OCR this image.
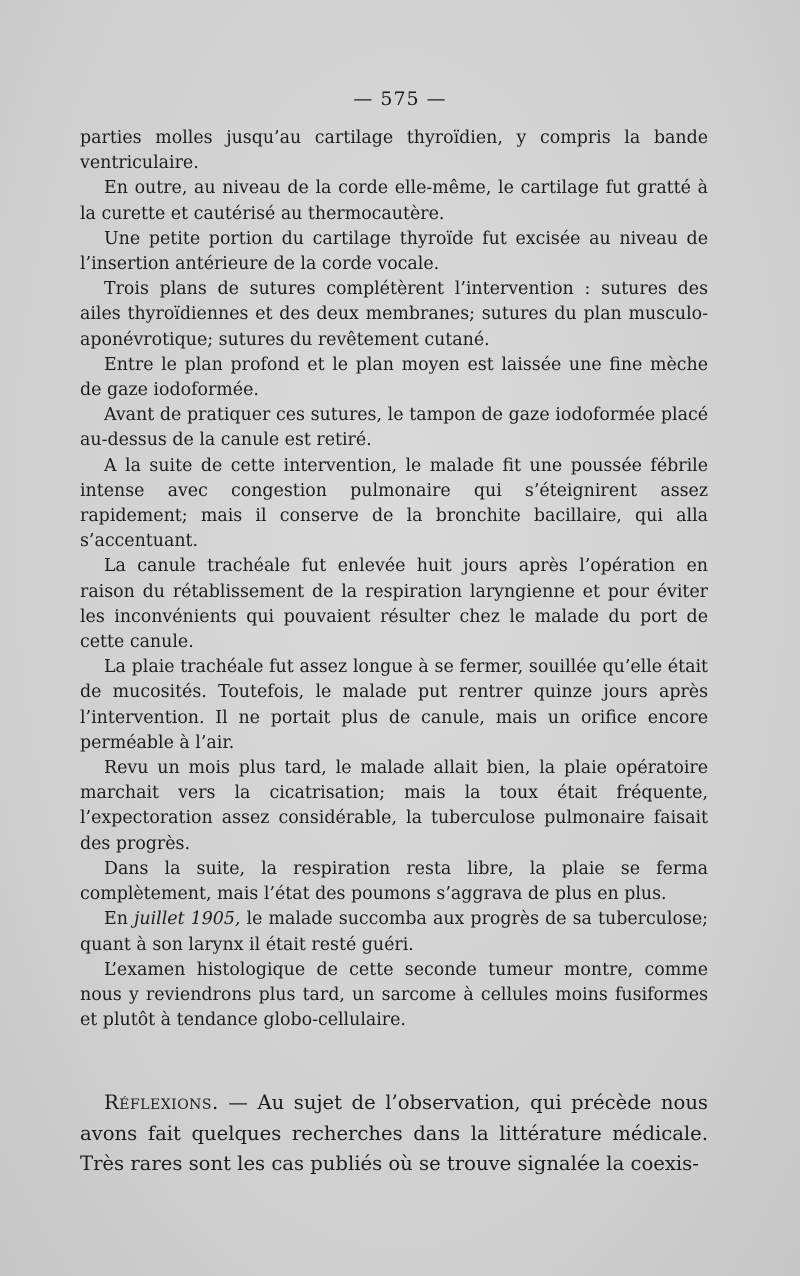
— 575 —

parties molles jusqu’au cartilage thyroïdien, y compris la bande ventriculaire.

En outre, au niveau de la corde elle-même, le cartilage fut gratté à la curette et cautérisé au thermocautère.

Une petite portion du cartilage thyroïde fut excisée au niveau de l’insertion antérieure de la corde vocale.

Trois plans de sutures complétèrent l’intervention : sutures des ailes thyroïdiennes et des deux membranes; sutures du plan musculo-aponévrotique; sutures du revêtement cutané.

Entre le plan profond et le plan moyen est laissée une fine mèche de gaze iodoformée.

Avant de pratiquer ces sutures, le tampon de gaze iodoformée placé au-dessus de la canule est retiré.

A la suite de cette intervention, le malade fit une poussée fébrile intense avec congestion pulmonaire qui s’éteignirent assez rapidement; mais il conserve de la bronchite bacillaire, qui alla s’accentuant.

La canule trachéale fut enlevée huit jours après l’opération en raison du rétablissement de la respiration laryngienne et pour éviter les inconvénients qui pouvaient résulter chez le malade du port de cette canule.

La plaie trachéale fut assez longue à se fermer, souillée qu’elle était de mucosités. Toutefois, le malade put rentrer quinze jours après l’intervention. Il ne portait plus de canule, mais un orifice encore perméable à l’air.

Revu un mois plus tard, le malade allait bien, la plaie opératoire marchait vers la cicatrisation; mais la toux était fréquente, l’expectoration assez considérable, la tuberculose pulmonaire faisait des progrès.

Dans la suite, la respiration resta libre, la plaie se ferma complètement, mais l’état des poumons s’aggrava de plus en plus.

En juillet 1905, le malade succomba aux progrès de sa tuberculose; quant à son larynx il était resté guéri.

L’examen histologique de cette seconde tumeur montre, comme nous y reviendrons plus tard, un sarcome à cellules moins fusiformes et plutôt à tendance globo-cellulaire.

Réflexions. — Au sujet de l’observation, qui précède nous avons fait quelques recherches dans la littérature médicale. Très rares sont les cas publiés où se trouve signalée la coexis-
